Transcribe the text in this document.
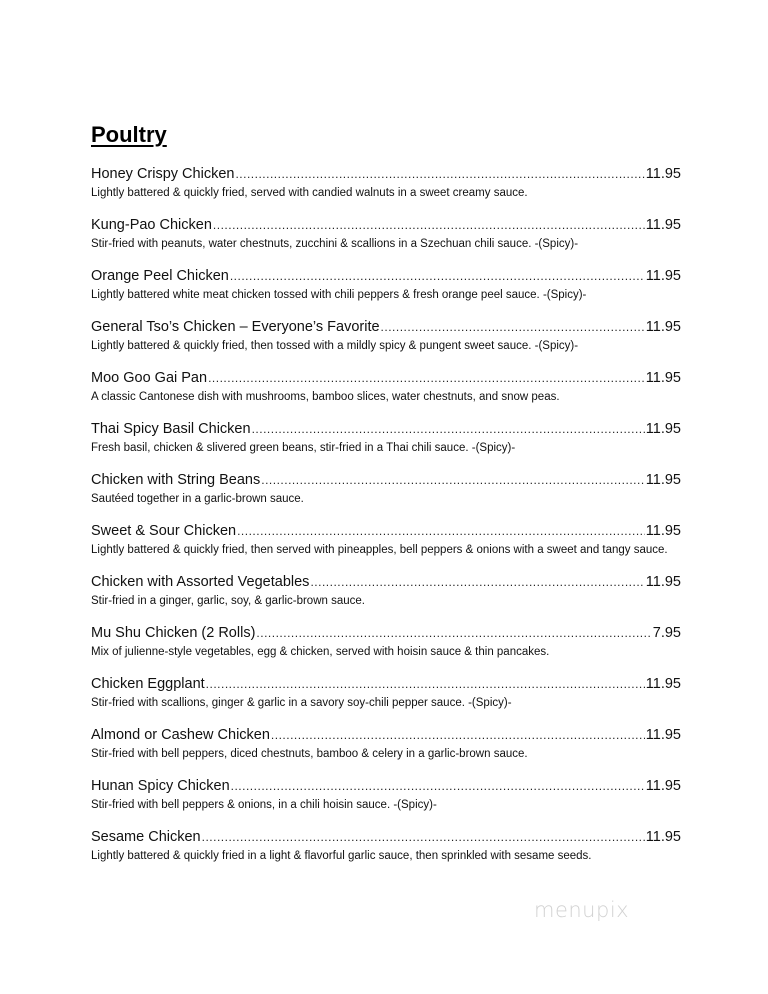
Poultry
Honey Crispy Chicken .....	11.95
Lightly battered & quickly fried, served with candied walnuts in a sweet creamy sauce.
Kung-Pao Chicken .....	11.95
Stir-fried with peanuts, water chestnuts, zucchini & scallions in a Szechuan chili sauce. -(Spicy)-
Orange Peel Chicken .....	11.95
Lightly battered white meat chicken tossed with chili peppers & fresh orange peel sauce. -(Spicy)-
General Tso’s Chicken – Everyone’s Favorite .....	11.95
Lightly battered & quickly fried, then tossed with a mildly spicy & pungent sweet sauce. -(Spicy)-
Moo Goo Gai Pan .....	11.95
A classic Cantonese dish with mushrooms, bamboo slices, water chestnuts, and snow peas.
Thai Spicy Basil Chicken .....	11.95
Fresh basil, chicken & slivered green beans, stir-fried in a Thai chili sauce. -(Spicy)-
Chicken with String Beans .....	11.95
Sautéed together in a garlic-brown sauce.
Sweet & Sour Chicken .....	11.95
Lightly battered & quickly fried, then served with pineapples, bell peppers & onions with a sweet and tangy sauce.
Chicken with Assorted Vegetables .....	11.95
Stir-fried in a ginger, garlic, soy, & garlic-brown sauce.
Mu Shu Chicken (2 Rolls) .....	7.95
Mix of julienne-style vegetables, egg & chicken, served with hoisin sauce & thin pancakes.
Chicken Eggplant .....	11.95
Stir-fried with scallions, ginger & garlic in a savory soy-chili pepper sauce. -(Spicy)-
Almond or Cashew Chicken .....	11.95
Stir-fried with bell peppers, diced chestnuts, bamboo & celery in a garlic-brown sauce.
Hunan Spicy Chicken .....	11.95
Stir-fried with bell peppers & onions, in a chili hoisin sauce. -(Spicy)-
Sesame Chicken .....	11.95
Lightly battered & quickly fried in a light & flavorful garlic sauce, then sprinkled with sesame seeds.
menupix
